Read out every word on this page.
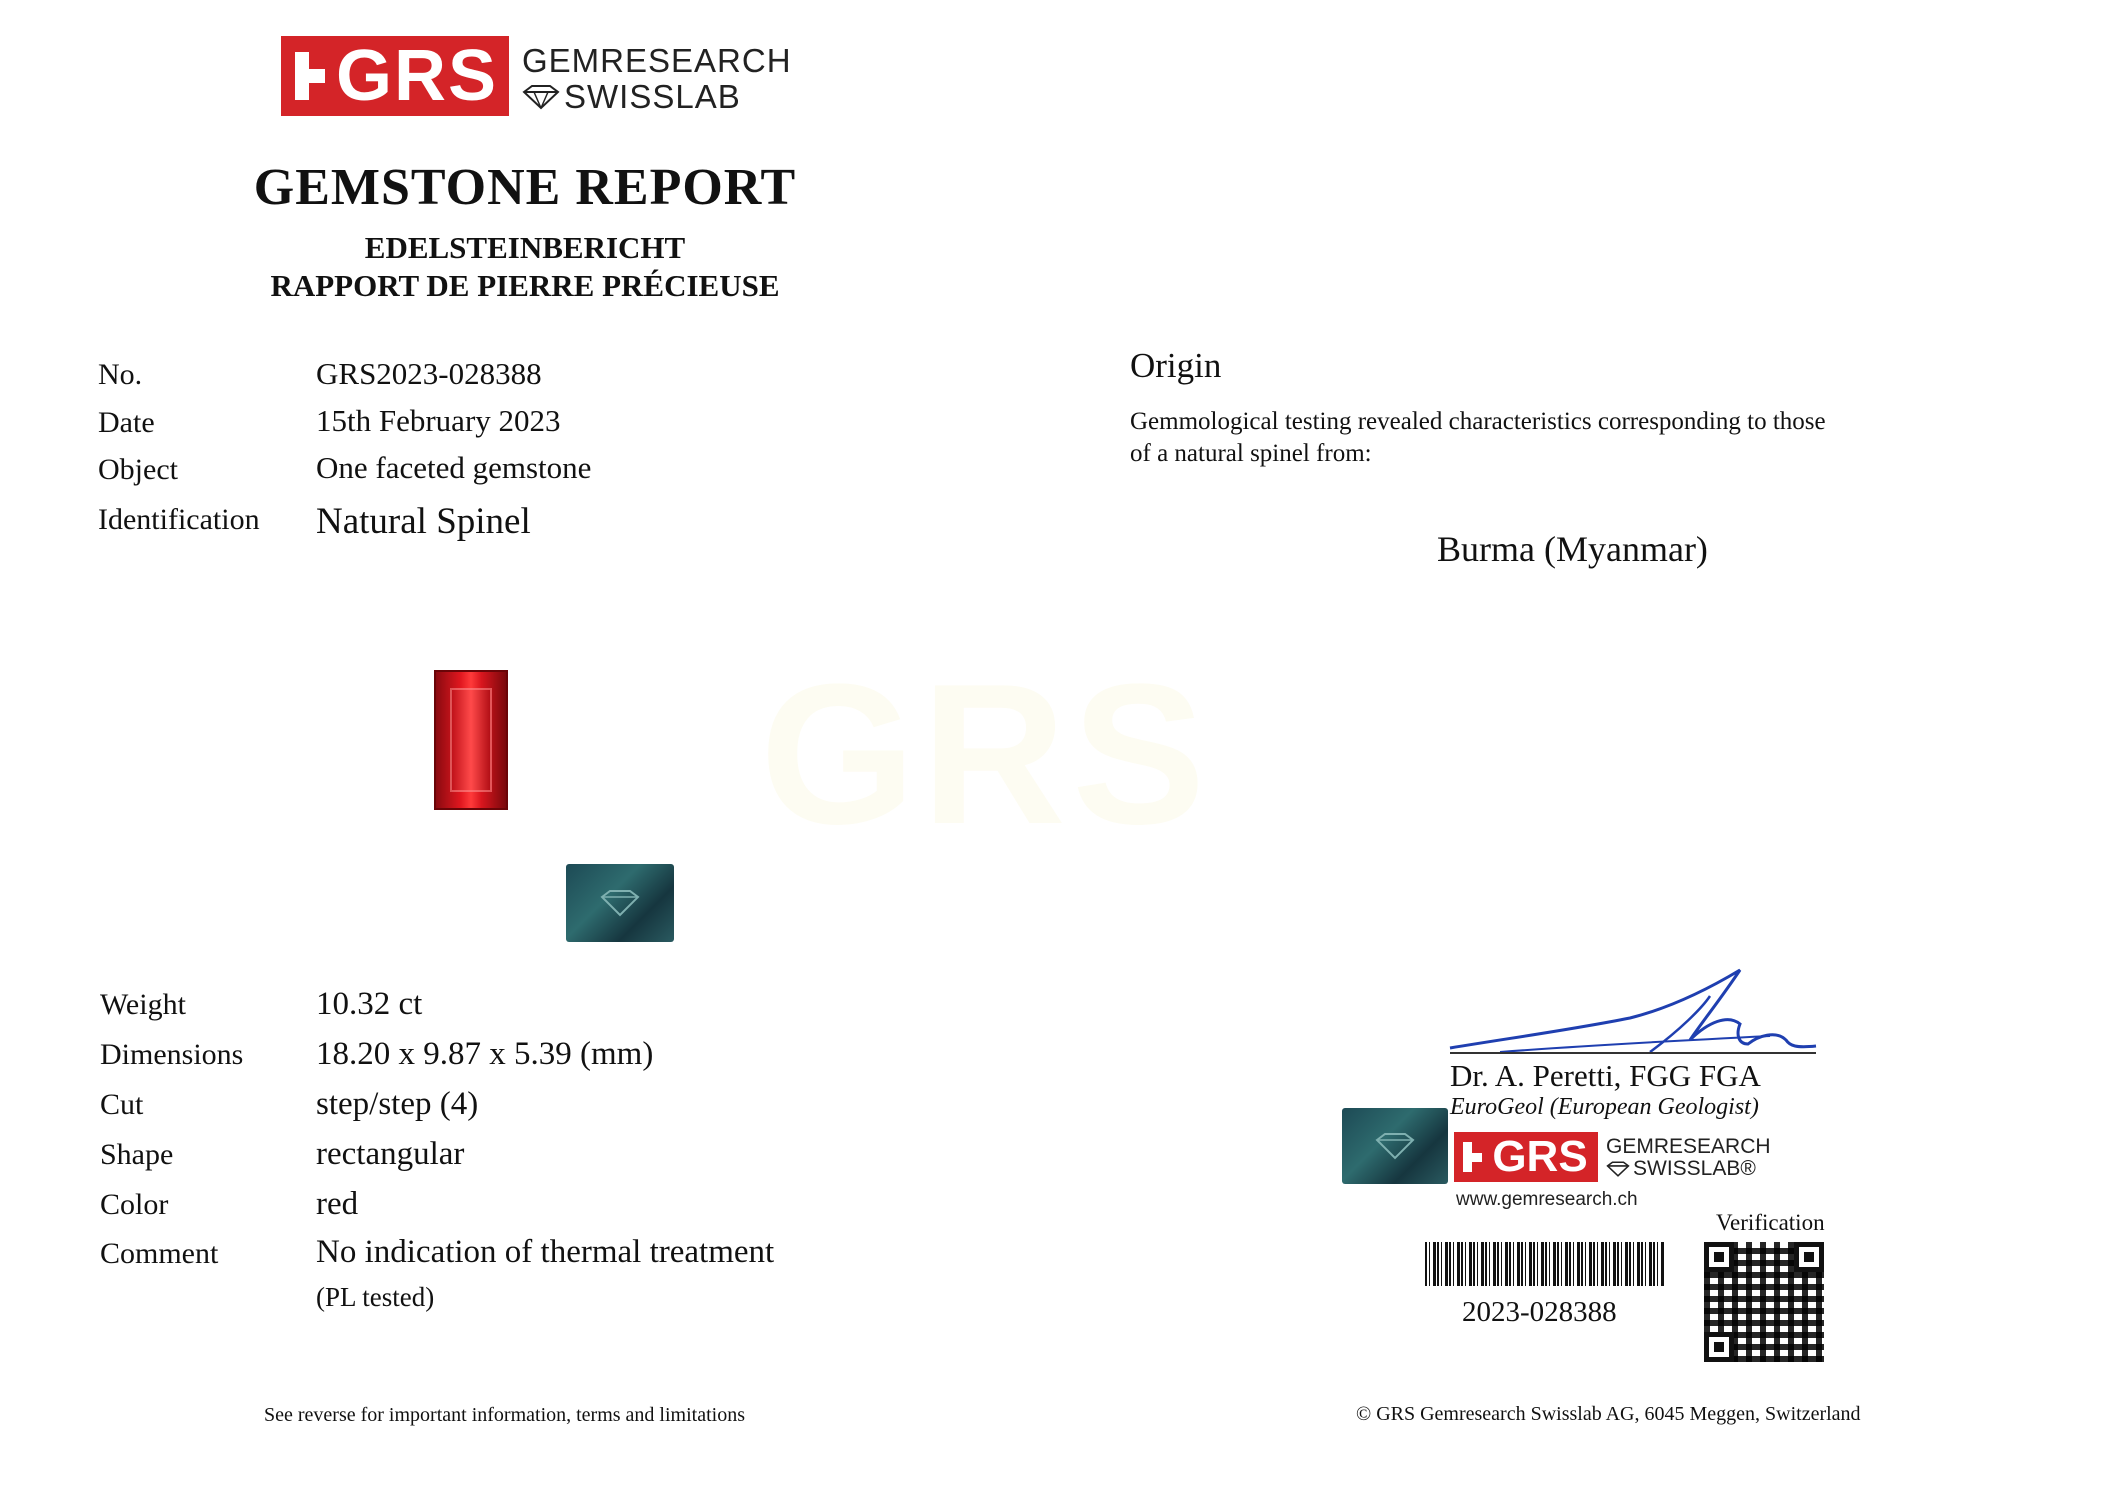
GRS GEMRESEARCH
SWISSLAB
GEMSTONE REPORT
EDELSTEINBERICHT
RAPPORT DE PIERRE PRÉCIEUSE
No.	GRS2023-028388
Date	15th February 2023
Object	One faceted gemstone
Identification Natural Spinel
Origin
Gemmological testing revealed characteristics corresponding to those
of a natural spinel from:
Burma (Myanmar)
GRS
Weight	10.32 ct
Dimensions 18.20 x 9.87 x 5.39 (mm)
Cut	step/step (4)
Shape	rectangular
Color	red
Comment	No indication of thermal treatment
(PL tested)
Dr. A. Peretti, FGG FGA
EuroGeol (European Geologist)
GRS GEMRESEARCH
SWISSLAB®
www.gemresearch.ch
Verification
2023-028388
See reverse for important information, terms and limitations	© GRS Gemresearch Swisslab AG, 6045 Meggen, Switzerland
